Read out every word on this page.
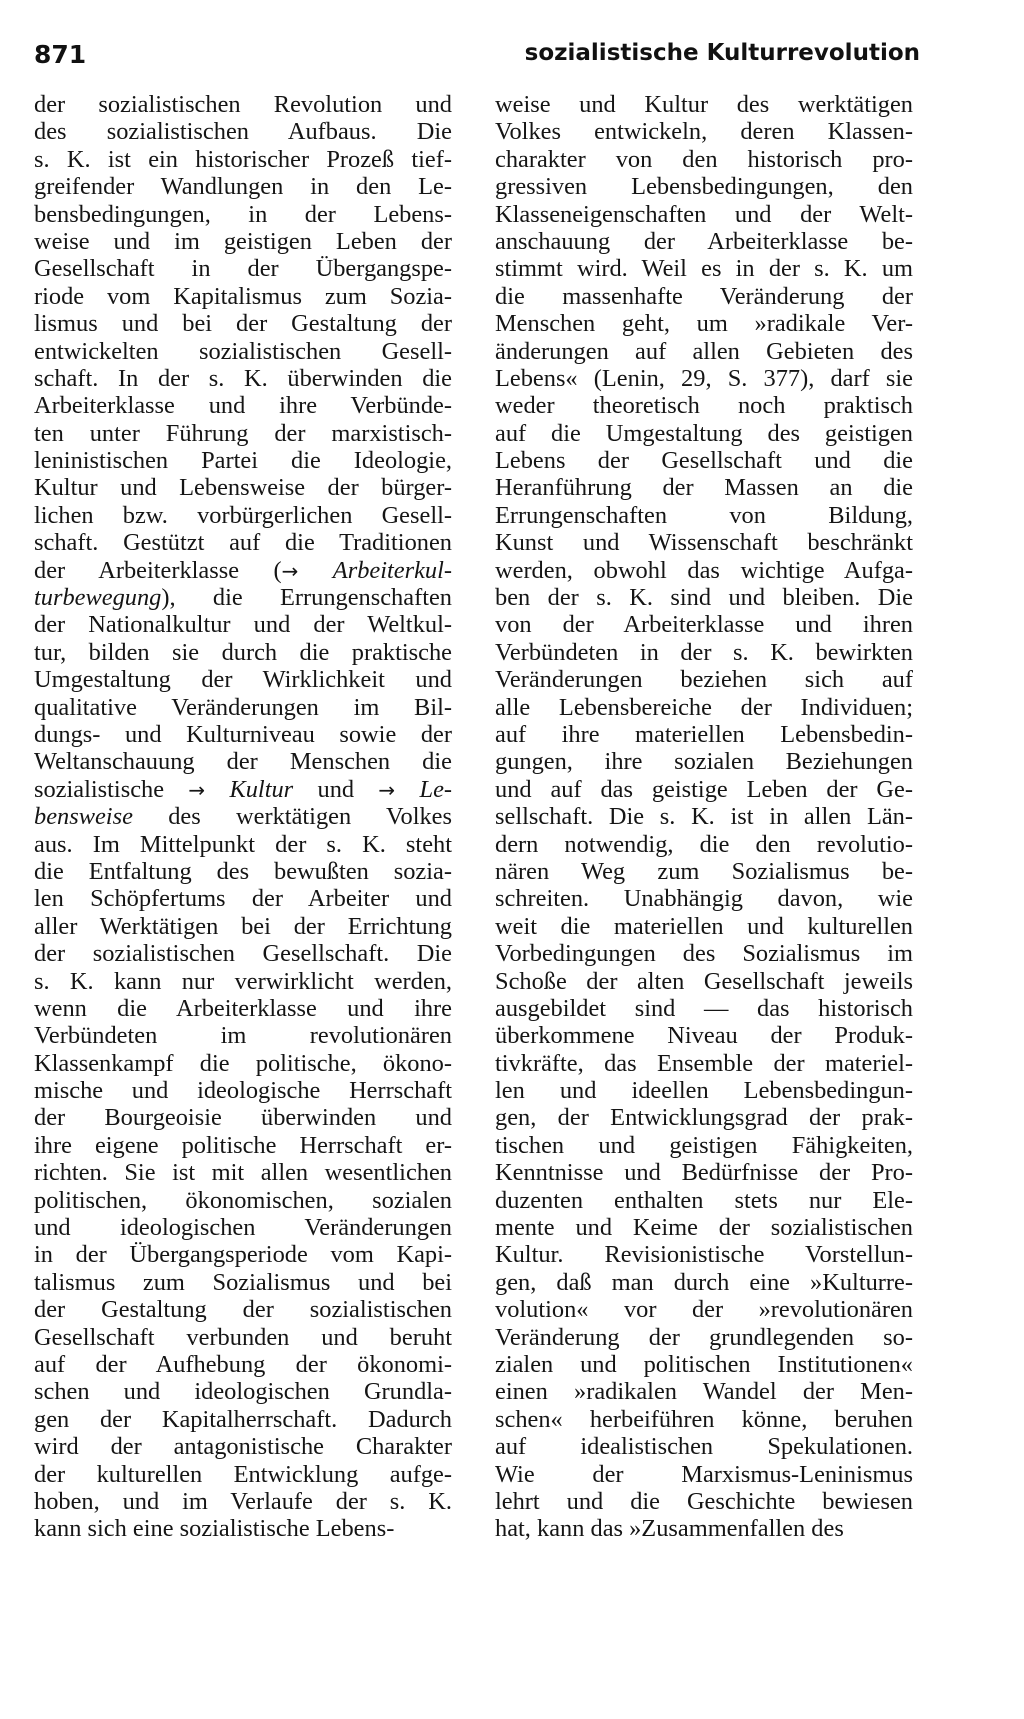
871	sozialistische Kulturrevolution
der sozialistischen Revolution und
des sozialistischen Aufbaus. Die
s. K. ist ein historischer Prozeß tief-
greifender Wandlungen in den Le-
bensbedingungen, in der Lebens-
weise und im geistigen Leben der
Gesellschaft in der Übergangspe-
riode vom Kapitalismus zum Sozia-
lismus und bei der Gestaltung der
entwickelten sozialistischen Gesell-
schaft. In der s. K. überwinden die
Arbeiterklasse und ihre Verbünde-
ten unter Führung der marxistisch-
leninistischen Partei die Ideologie,
Kultur und Lebensweise der bürger-
lichen bzw. vorbürgerlichen Gesell-
schaft. Gestützt auf die Traditionen
der Arbeiterklasse (→ Arbeiterkul-
turbewegung), die Errungenschaften
der Nationalkultur und der Weltkul-
tur, bilden sie durch die praktische
Umgestaltung der Wirklichkeit und
qualitative Veränderungen im Bil-
dungs- und Kulturniveau sowie der
Weltanschauung der Menschen die
sozialistische → Kultur und → Le-
bensweise des werktätigen Volkes
aus. Im Mittelpunkt der s. K. steht
die Entfaltung des bewußten sozia-
len Schöpfertums der Arbeiter und
aller Werktätigen bei der Errichtung
der sozialistischen Gesellschaft. Die
s. K. kann nur verwirklicht werden,
wenn die Arbeiterklasse und ihre
Verbündeten im revolutionären
Klassenkampf die politische, ökono-
mische und ideologische Herrschaft
der Bourgeoisie überwinden und
ihre eigene politische Herrschaft er-
richten. Sie ist mit allen wesentlichen
politischen, ökonomischen, sozialen
und ideologischen Veränderungen
in der Übergangsperiode vom Kapi-
talismus zum Sozialismus und bei
der Gestaltung der sozialistischen
Gesellschaft verbunden und beruht
auf der Aufhebung der ökonomi-
schen und ideologischen Grundla-
gen der Kapitalherrschaft. Dadurch
wird der antagonistische Charakter
der kulturellen Entwicklung aufge-
hoben, und im Verlaufe der s. K.
kann sich eine sozialistische Lebens-
weise und Kultur des werktätigen
Volkes entwickeln, deren Klassen-
charakter von den historisch pro-
gressiven Lebensbedingungen, den
Klasseneigenschaften und der Welt-
anschauung der Arbeiterklasse be-
stimmt wird. Weil es in der s. K. um
die massenhafte Veränderung der
Menschen geht, um »radikale Ver-
änderungen auf allen Gebieten des
Lebens« (Lenin, 29, S. 377), darf sie
weder theoretisch noch praktisch
auf die Umgestaltung des geistigen
Lebens der Gesellschaft und die
Heranführung der Massen an die
Errungenschaften von Bildung,
Kunst und Wissenschaft beschränkt
werden, obwohl das wichtige Aufga-
ben der s. K. sind und bleiben. Die
von der Arbeiterklasse und ihren
Verbündeten in der s. K. bewirkten
Veränderungen beziehen sich auf
alle Lebensbereiche der Individuen;
auf ihre materiellen Lebensbedin-
gungen, ihre sozialen Beziehungen
und auf das geistige Leben der Ge-
sellschaft. Die s. K. ist in allen Län-
dern notwendig, die den revolutio-
nären Weg zum Sozialismus be-
schreiten. Unabhängig davon, wie
weit die materiellen und kulturellen
Vorbedingungen des Sozialismus im
Schoße der alten Gesellschaft jeweils
ausgebildet sind — das historisch
überkommene Niveau der Produk-
tivkräfte, das Ensemble der materiel-
len und ideellen Lebensbedingun-
gen, der Entwicklungsgrad der prak-
tischen und geistigen Fähigkeiten,
Kenntnisse und Bedürfnisse der Pro-
duzenten enthalten stets nur Ele-
mente und Keime der sozialistischen
Kultur. Revisionistische Vorstellun-
gen, daß man durch eine »Kulturre-
volution« vor der »revolutionären
Veränderung der grundlegenden so-
zialen und politischen Institutionen«
einen »radikalen Wandel der Men-
schen« herbeiführen könne, beruhen
auf idealistischen Spekulationen.
Wie der Marxismus-Leninismus
lehrt und die Geschichte bewiesen
hat, kann das »Zusammenfallen des
